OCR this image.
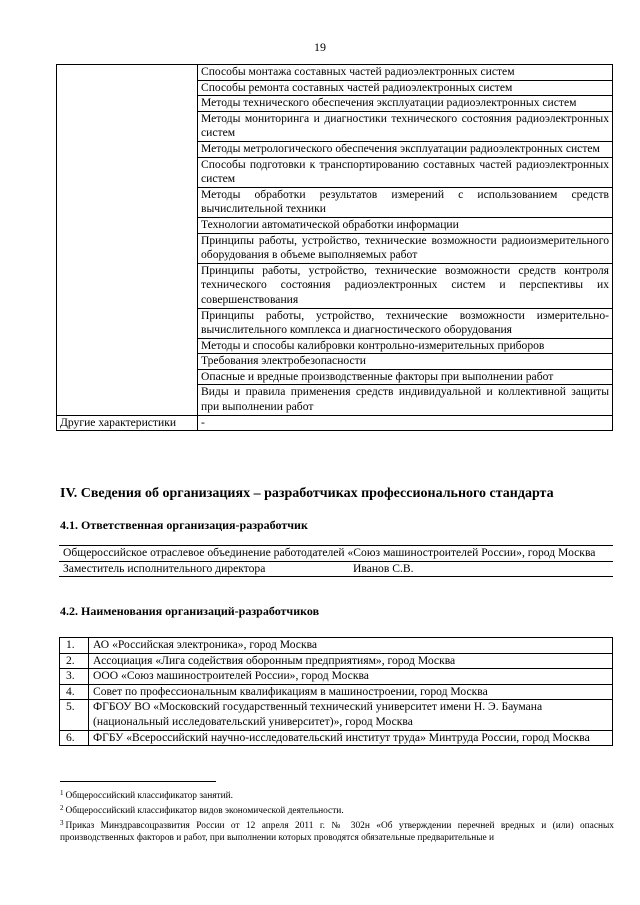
19
	Способы монтажа составных частей радиоэлектронных систем
	Способы ремонта составных частей радиоэлектронных систем
	Методы технического обеспечения эксплуатации радиоэлектронных систем
	Методы мониторинга и диагностики технического состояния радиоэлектронных систем
	Методы метрологического обеспечения эксплуатации радиоэлектронных систем
	Способы подготовки к транспортированию составных частей радиоэлектронных систем
	Методы обработки результатов измерений с использованием средств вычислительной техники
	Технологии автоматической обработки информации
	Принципы работы, устройство, технические возможности радиоизмерительного оборудования в объеме выполняемых работ
	Принципы работы, устройство, технические возможности средств контроля технического состояния радиоэлектронных систем и перспективы их совершенствования
	Принципы работы, устройство, технические возможности измерительно-вычислительного комплекса и диагностического оборудования
	Методы и способы калибровки контрольно-измерительных приборов
	Требования электробезопасности
	Опасные и вредные производственные факторы при выполнении работ
	Виды и правила применения средств индивидуальной и коллективной защиты при выполнении работ
Другие характеристики	-
IV. Сведения об организациях – разработчиках профессионального стандарта
4.1. Ответственная организация-разработчик
Общероссийское отраслевое объединение работодателей «Союз машиностроителей России», город Москва

Заместитель исполнительного директора	Иванов С.В.
4.2. Наименования организаций-разработчиков
1.	АО «Российская электроника», город Москва
2.	Ассоциация «Лига содействия оборонным предприятиям», город Москва
3.	ООО «Союз машиностроителей России», город Москва
4.	Совет по профессиональным квалификациям в машиностроении, город Москва
5.	ФГБОУ ВО «Московский государственный технический университет имени Н. Э. Баумана (национальный исследовательский университет)», город Москва
6.	ФГБУ «Всероссийский научно-исследовательский институт труда» Минтруда России, город Москва
$^1$ Общероссийский классификатор занятий.
$^2$ Общероссийский классификатор видов экономической деятельности.
$^3$ Приказ Минздравсоцразвития России от 12 апреля 2011 г. № 302н «Об утверждении перечней вредных и (или) опасных производственных факторов и работ, при выполнении которых проводятся обязательные предварительные и
